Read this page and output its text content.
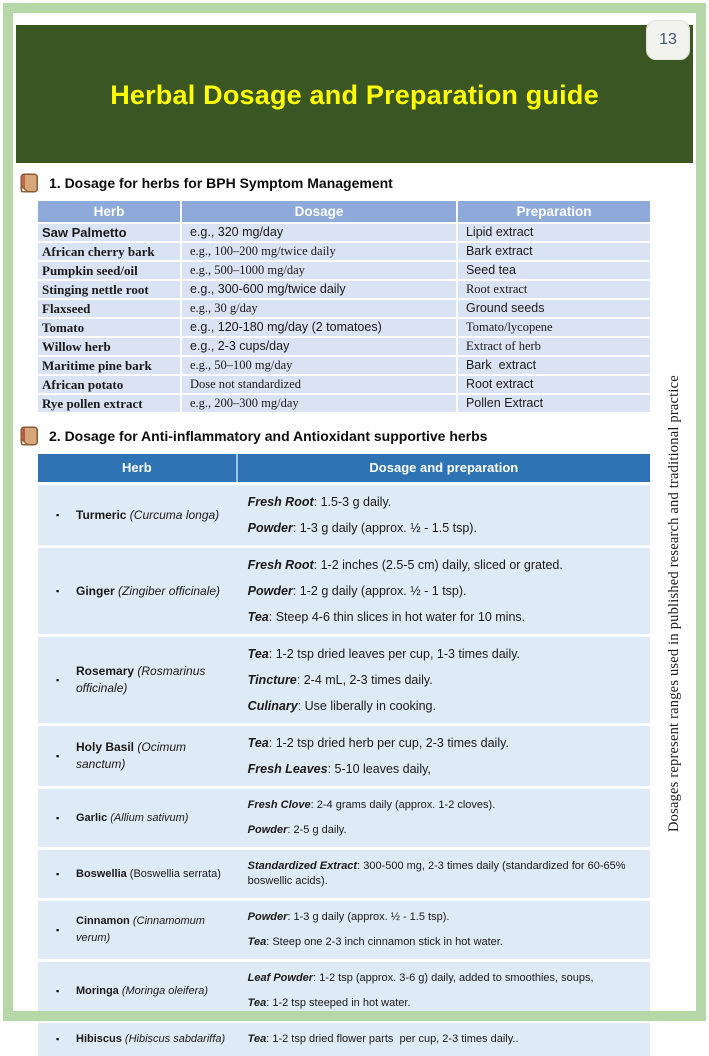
13
Herbal Dosage and Preparation guide
1. Dosage for herbs for BPH Symptom Management
Herb	Dosage	Preparation
Saw Palmetto	e.g., 320 mg/day	Lipid extract
African cherry bark	e.g., 100–200 mg/twice daily	Bark extract
Pumpkin seed/oil	e.g., 500–1000 mg/day	Seed tea
Stinging nettle root	e.g., 300-600 mg/twice daily	Root extract
Flaxseed	e.g., 30 g/day	Ground seeds
Tomato	e.g., 120-180 mg/day (2 tomatoes)	Tomato/lycopene
Willow herb	e.g., 2-3 cups/day	Extract of herb
Maritime pine bark	e.g., 50–100 mg/day	Bark  extract
African potato	Dose not standardized	Root extract
Rye pollen extract	e.g., 200–300 mg/day	Pollen Extract
2. Dosage for Anti-inflammatory and Antioxidant supportive herbs
Herb	Dosage and preparation
▪	Turmeric (Curcuma longa)

Fresh Root: 1.5-3 g daily.

Powder: 1-3 g daily (approx. ½ - 1.5 tsp).

▪	Ginger (Zingiber officinale)

Fresh Root: 1-2 inches (2.5-5 cm) daily, sliced or grated.

Powder: 1-2 g daily (approx. ½ - 1 tsp).

Tea: Steep 4-6 thin slices in hot water for 10 mins.

▪
Rosemary (Rosmarinus officinale)

Tea: 1-2 tsp dried leaves per cup, 1-3 times daily.

Tincture: 2-4 mL, 2-3 times daily.

Culinary: Use liberally in cooking.

▪
Holy Basil (Ocimum sanctum)

Tea: 1-2 tsp dried herb per cup, 2-3 times daily.

Fresh Leaves: 5-10 leaves daily,

▪	Garlic (Allium sativum)

Fresh Clove: 2-4 grams daily (approx. 1-2 cloves).

Powder: 2-5 g daily.

▪	Boswellia (Boswellia serrata)

Standardized Extract: 300-500 mg, 2-3 times daily (standardized for 60-65% boswellic acids).

▪
Cinnamon (Cinnamomum verum)

Powder: 1-3 g daily (approx. ½ - 1.5 tsp).

Tea: Steep one 2-3 inch cinnamon stick in hot water.

▪	Moringa (Moringa oleifera)

Leaf Powder: 1-2 tsp (approx. 3-6 g) daily, added to smoothies, soups,

Tea: 1-2 tsp steeped in hot water.

▪	Hibiscus (Hibiscus sabdariffa) Tea: 1-2 tsp dried flower parts  per cup, 2-3 times daily..

Dosages represent ranges used in published research and traditional practice
